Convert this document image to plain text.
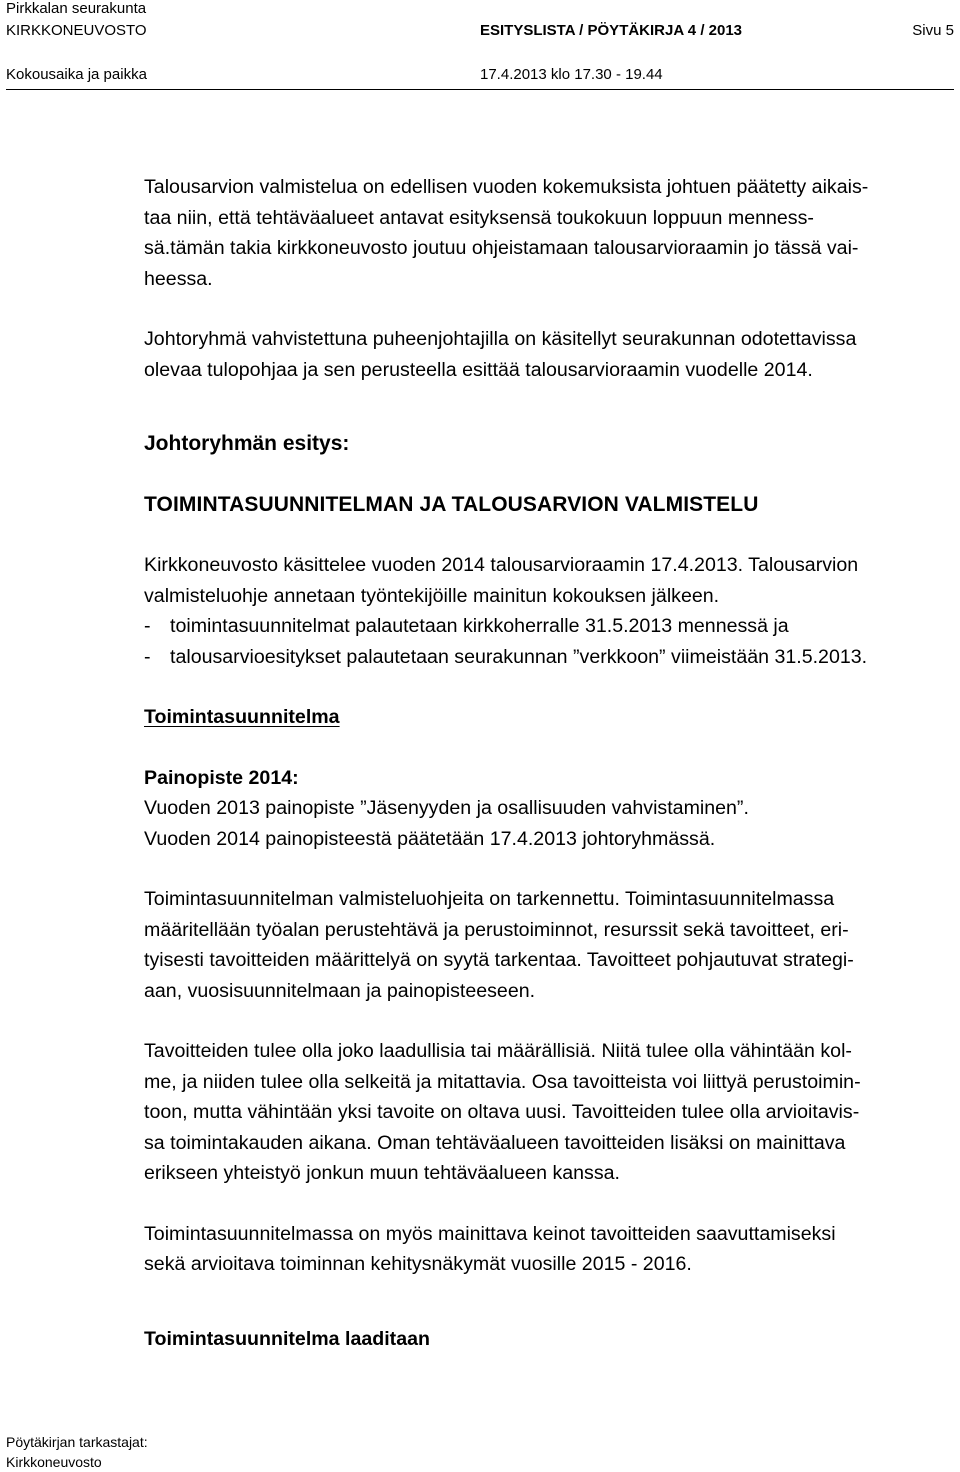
Pirkkalan seurakunta
KIRKKONEUVOSTO	ESITYSLISTA / PÖYTÄKIRJA 4 / 2013	Sivu 5
Kokousaika ja paikka	17.4.2013 klo 17.30 - 19.44

Talousarvion valmistelua on edellisen vuoden kokemuksista johtuen päätetty aikais-
taa niin, että tehtäväalueet antavat esityksensä toukokuun loppuun menness-
sä.tämän takia kirkkoneuvosto joutuu ohjeistamaan talousarvioraamin jo tässä vai-
heessa.

Johtoryhmä vahvistettuna puheenjohtajilla on käsitellyt seurakunnan odotettavissa
olevaa tulopohjaa ja sen perusteella esittää talousarvioraamin vuodelle 2014.

Johtoryhmän esitys:

TOIMINTASUUNNITELMAN JA TALOUSARVION VALMISTELU

Kirkkoneuvosto käsittelee vuoden 2014 talousarvioraamin 17.4.2013. Talousarvion
valmisteluohje annetaan työntekijöille mainitun kokouksen jälkeen.
- toimintasuunnitelmat palautetaan kirkkoherralle 31.5.2013 mennessä ja
- talousarvioesitykset palautetaan seurakunnan ”verkkoon” viimeistään 31.5.2013.

Toimintasuunnitelma

Painopiste 2014:
Vuoden 2013 painopiste ”Jäsenyyden ja osallisuuden vahvistaminen”.
Vuoden 2014 painopisteestä päätetään 17.4.2013 johtoryhmässä.

Toimintasuunnitelman valmisteluohjeita on tarkennettu. Toimintasuunnitelmassa
määritellään työalan perustehtävä ja perustoiminnot, resurssit sekä tavoitteet, eri-
tyisesti tavoitteiden määrittelyä on syytä tarkentaa. Tavoitteet pohjautuvat strategi-
aan, vuosisuunnitelmaan ja painopisteeseen.

Tavoitteiden tulee olla joko laadullisia tai määrällisiä. Niitä tulee olla vähintään kol-
me, ja niiden tulee olla selkeitä ja mitattavia. Osa tavoitteista voi liittyä perustoimin-
toon, mutta vähintään yksi tavoite on oltava uusi. Tavoitteiden tulee olla arvioitavis-
sa toimintakauden aikana. Oman tehtäväalueen tavoitteiden lisäksi on mainittava
erikseen yhteistyö jonkun muun tehtäväalueen kanssa.

Toimintasuunnitelmassa on myös mainittava keinot tavoitteiden saavuttamiseksi
sekä arvioitava toiminnan kehitysnäkymät vuosille 2015 - 2016.

Toimintasuunnitelma laaditaan

Pöytäkirjan tarkastajat:
Kirkkoneuvosto
